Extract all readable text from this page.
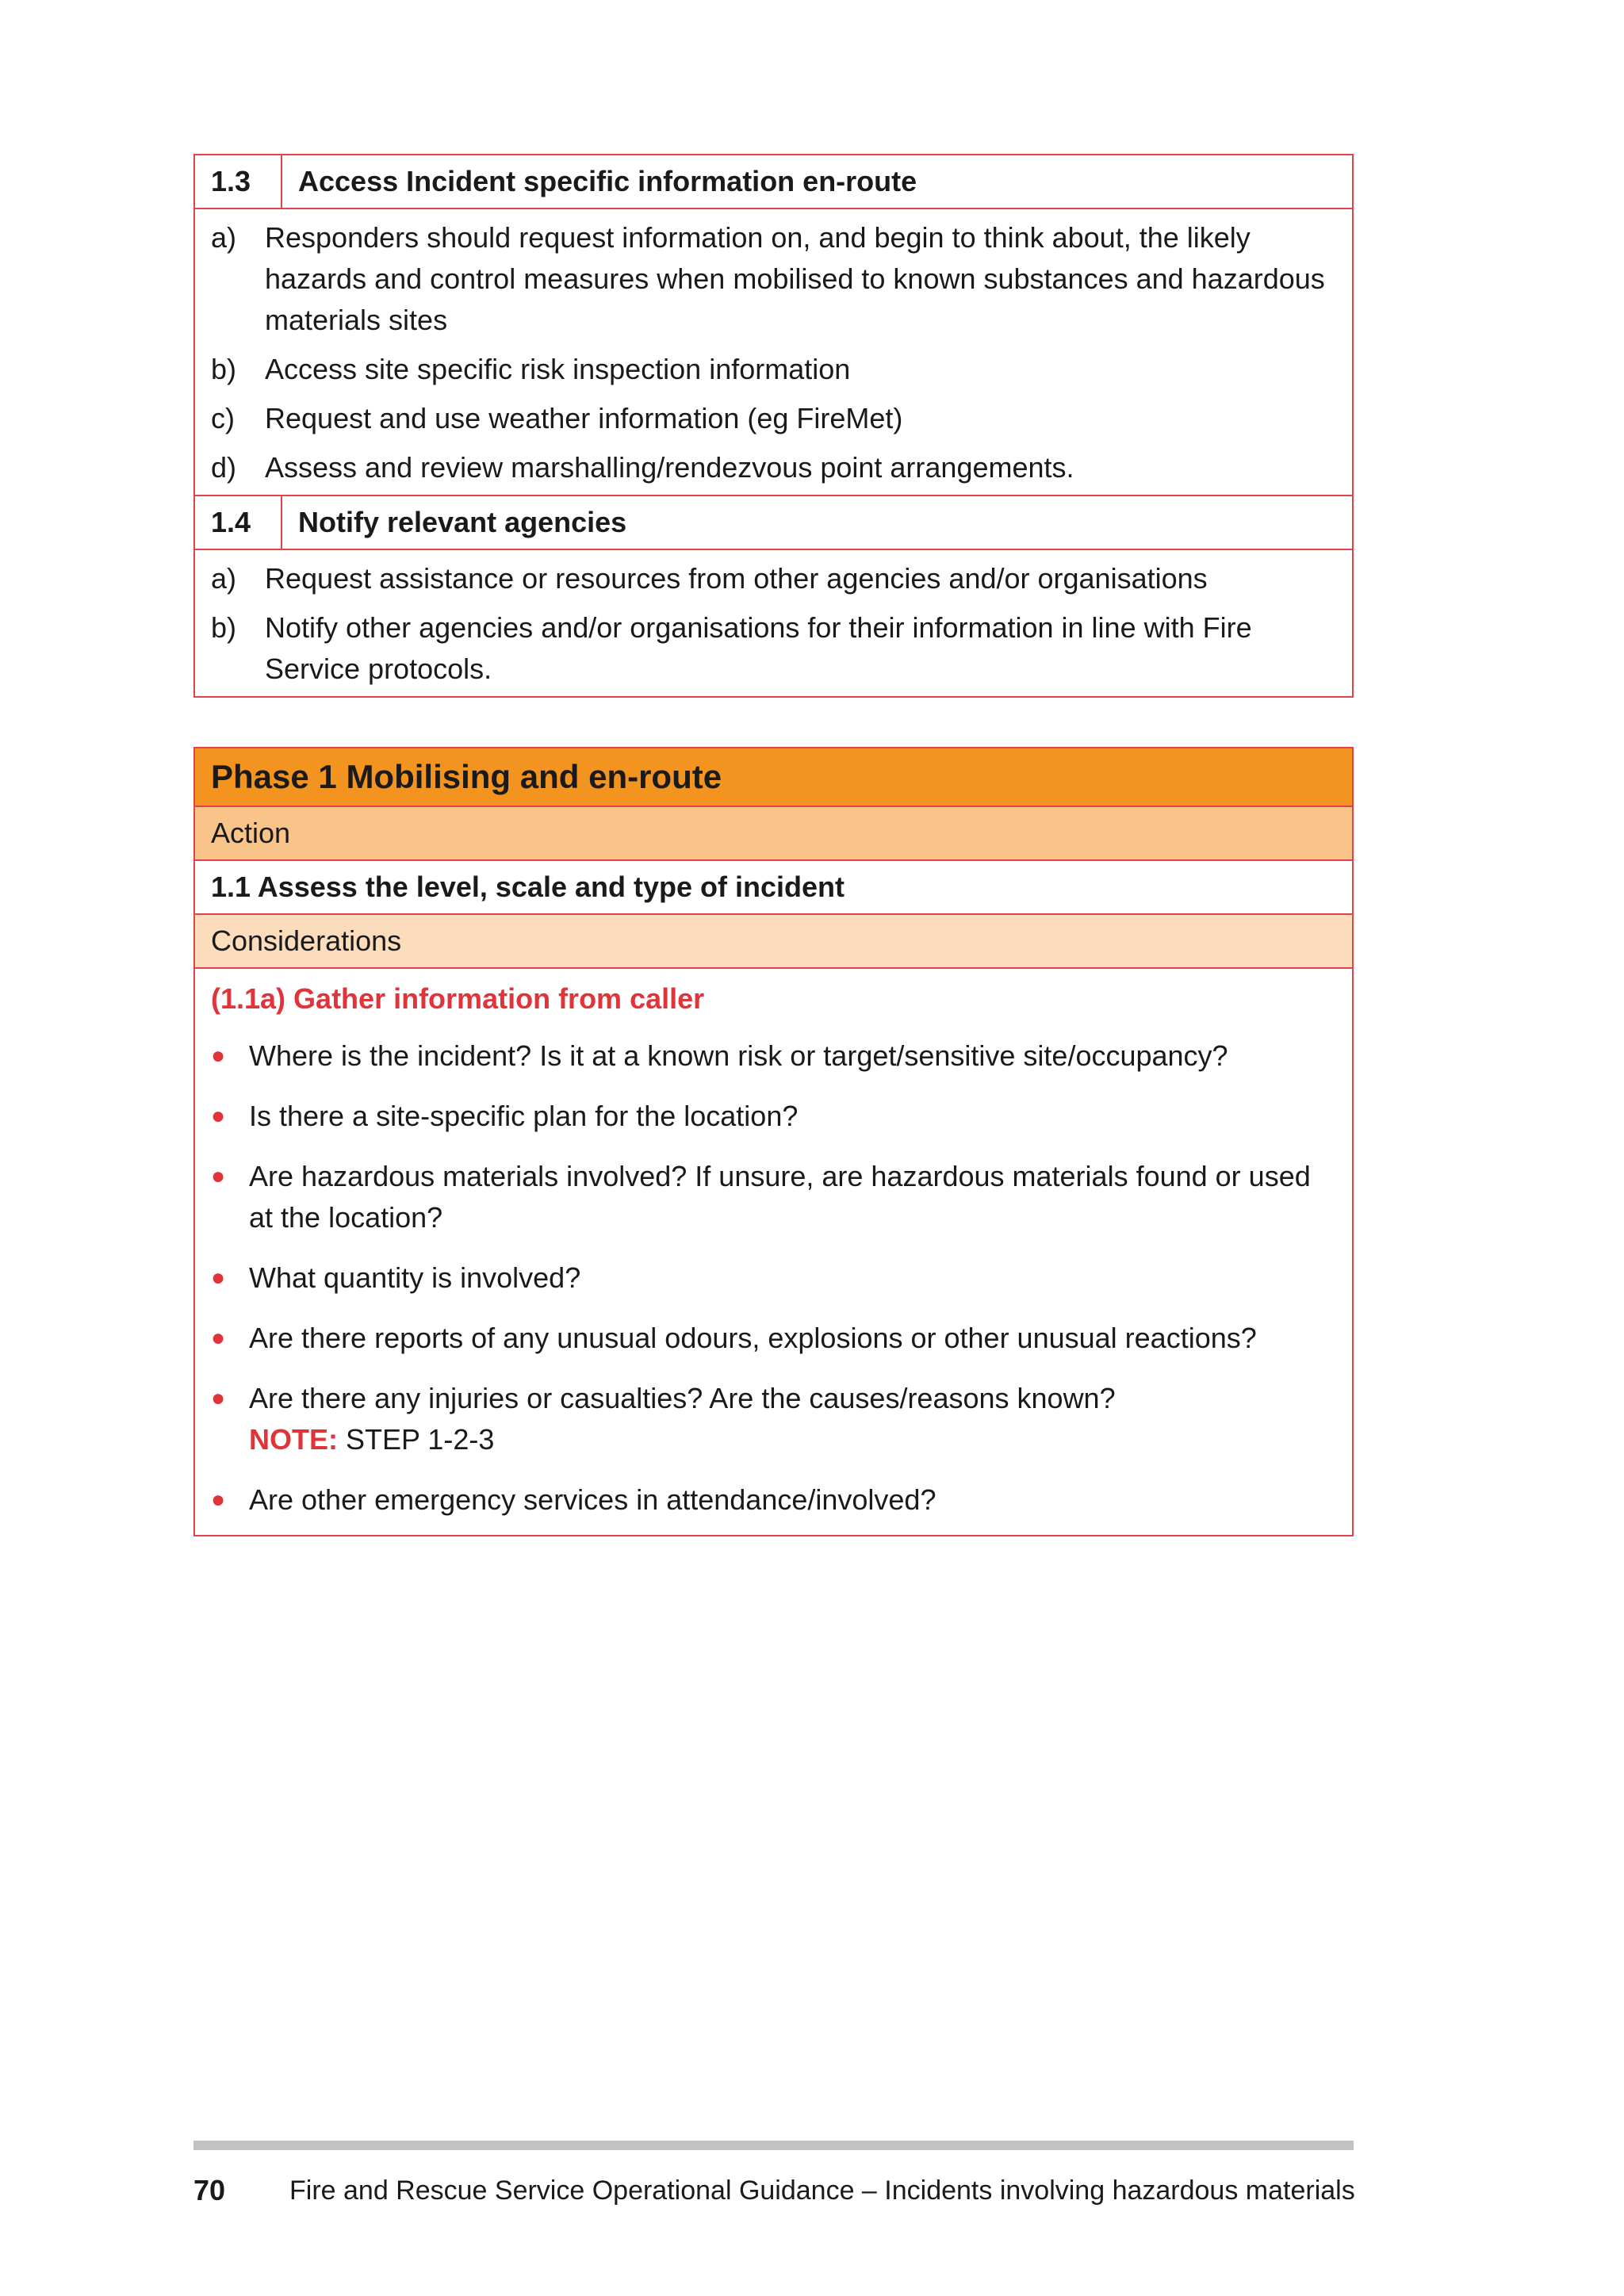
1.3	Access Incident specific information en-route
a) Responders should request information on, and begin to think about, the likely hazards and control measures when mobilised to known substances and hazardous materials sites
b) Access site specific risk inspection information
c)	Request and use weather information (eg FireMet)
d) Assess and review marshalling/rendezvous point arrangements.
1.4	Notify relevant agencies
a) Request assistance or resources from other agencies and/or organisations
b) Notify other agencies and/or organisations for their information in line with Fire Service protocols.
Phase 1 Mobilising and en-route
Action
1.1 Assess the level, scale and type of incident
Considerations
(1.1a) Gather information from caller
● Where is the incident? Is it at a known risk or target/sensitive site/occupancy?
● Is there a site-specific plan for the location?
● Are hazardous materials involved? If unsure, are hazardous materials found or used at the location?
● What quantity is involved?
● Are there reports of any unusual odours, explosions or other unusual reactions?
● Are there any injuries or casualties? Are the causes/reasons known?
NOTE: STEP 1-2-3
● Are other emergency services in attendance/involved?
70 Fire and Rescue Service Operational Guidance – Incidents involving hazardous materials
